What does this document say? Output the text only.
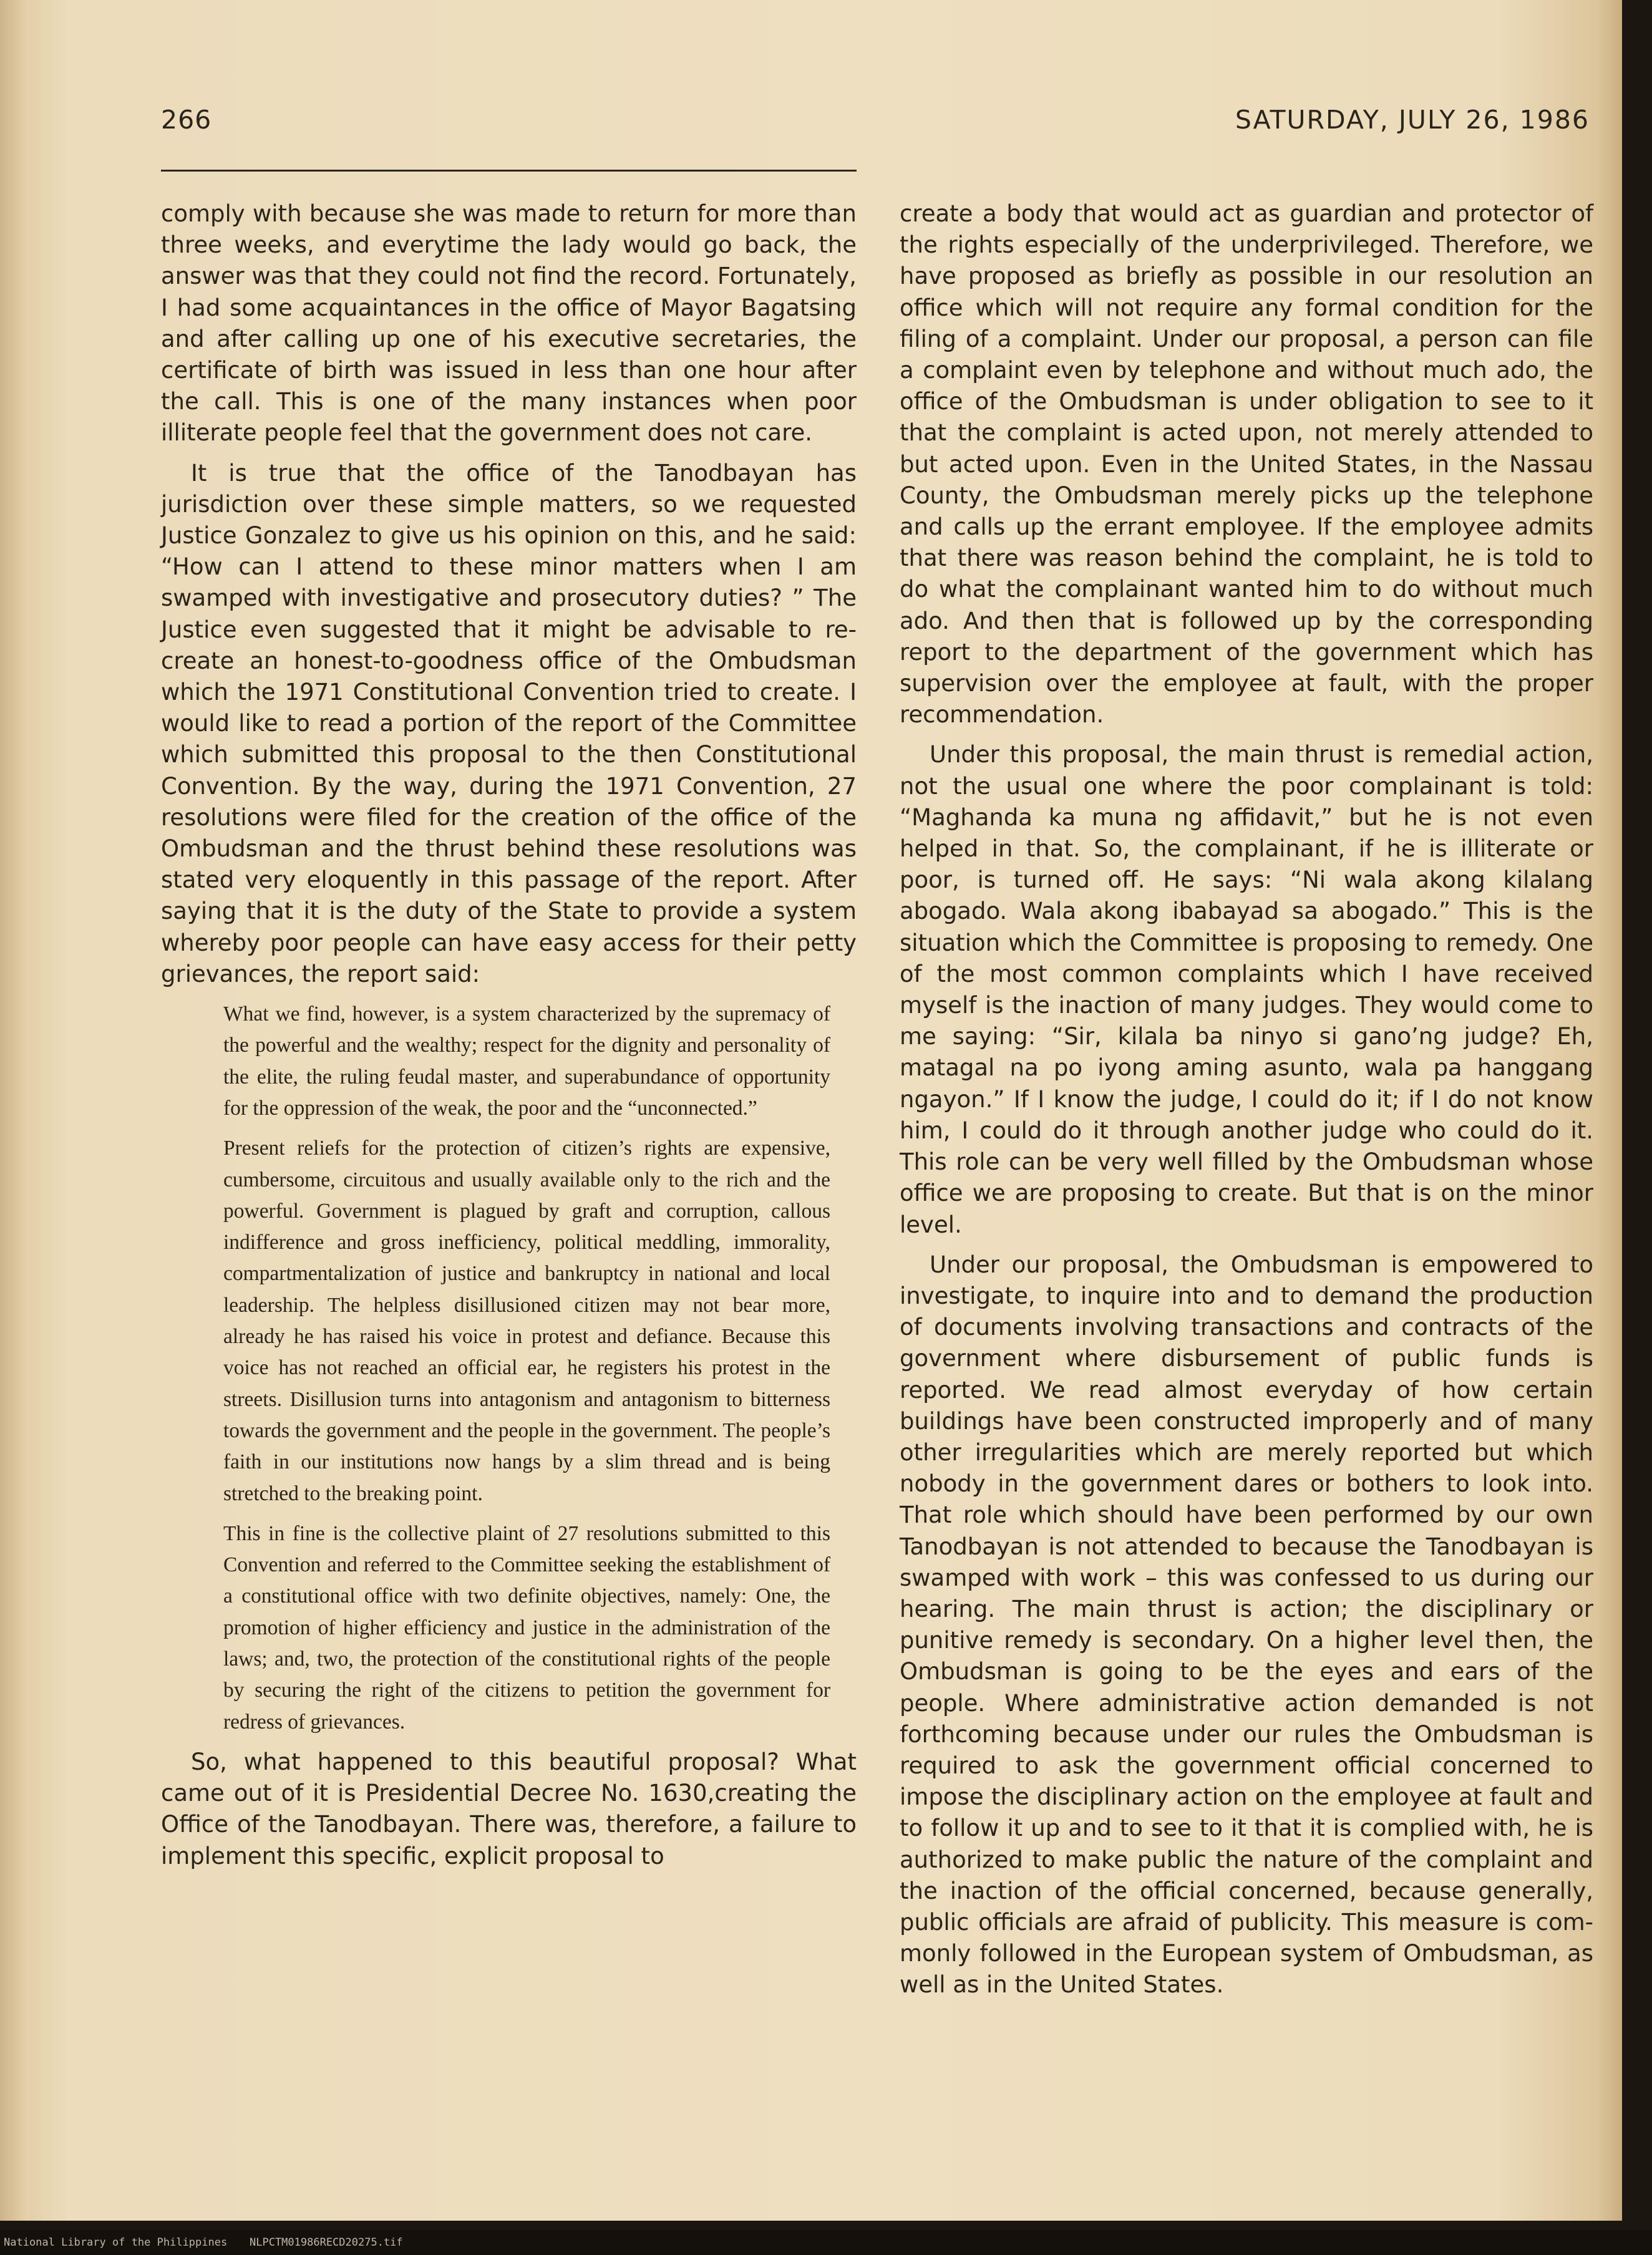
266	SATURDAY, JULY 26, 1986

comply with because she was made to return for more than three weeks, and everytime the lady would go back, the answer was that they could not find the record. Fortunately, I had some acquaintances in the office of Mayor Bagatsing and after calling up one of his executive secretaries, the certificate of birth was issued in less than one hour after the call. This is one of the many instances when poor illiterate people feel that the government does not care.

It is true that the office of the Tanodbayan has jurisdiction over these simple matters, so we requested Justice Gonzalez to give us his opinion on this, and he said: “How can I attend to these minor matters when I am swamped with investigative and prosecutory duties? ” The Justice even suggested that it might be advisable to re-create an honest-to-goodness office of the Ombudsman which the 1971 Constitutional Convention tried to create. I would like to read a portion of the report of the Committee which submitted this proposal to the then Constitutional Convention. By the way, during the 1971 Convention, 27 resolutions were filed for the creation of the office of the Ombudsman and the thrust behind these resolutions was stated very eloquently in this passage of the report. After saying that it is the duty of the State to provide a system whereby poor people can have easy access for their petty grievances, the report said:

What we find, however, is a system characterized by the supremacy of the powerful and the wealthy; respect for the dignity and personality of the elite, the ruling feudal master, and superabundance of opportunity for the oppression of the weak, the poor and the “unconnected.”

Present reliefs for the protection of citizen’s rights are expensive, cumbersome, circuitous and usually available only to the rich and the powerful. Government is plagued by graft and corruption, callous indifference and gross inefficiency, political meddling, immorality, compartmentalization of justice and bankruptcy in national and local leadership. The helpless disillusioned citizen may not bear more, already he has raised his voice in protest and defiance. Because this voice has not reached an official ear, he registers his protest in the streets. Disillusion turns into antagonism and antagonism to bitterness towards the government and the people in the government. The people’s faith in our institutions now hangs by a slim thread and is being stretched to the breaking point.

This in fine is the collective plaint of 27 resolutions submitted to this Convention and referred to the Committee seeking the establishment of a constitutional office with two definite objectives, namely: One, the promotion of higher efficiency and justice in the administration of the laws; and, two, the protection of the constitutional rights of the people by securing the right of the citizens to petition the government for redress of grievances.

So, what happened to this beautiful proposal? What came out of it is Presidential Decree No. 1630,creating the Office of the Tanodbayan. There was, therefore, a failure to implement this specific, explicit proposal to

create a body that would act as guardian and protector of the rights especially of the underprivileged. Therefore, we have proposed as briefly as possible in our resolution an office which will not require any formal condition for the filing of a complaint. Under our proposal, a person can file a complaint even by telephone and without much ado, the office of the Ombudsman is under obligation to see to it that the complaint is acted upon, not merely attended to but acted upon. Even in the United States, in the Nassau County, the Ombudsman merely picks up the telephone and calls up the errant employee. If the employee admits that there was reason behind the complaint, he is told to do what the complainant wanted him to do without much ado. And then that is followed up by the corresponding report to the department of the government which has supervision over the employee at fault, with the proper recommendation.

Under this proposal, the main thrust is remedial action, not the usual one where the poor complainant is told: “Maghanda ka muna ng affidavit,” but he is not even helped in that. So, the complainant, if he is illiterate or poor, is turned off. He says: “Ni wala akong kilalang abogado. Wala akong ibabayad sa abogado.” This is the situation which the Committee is proposing to remedy. One of the most common complaints which I have received myself is the inaction of many judges. They would come to me saying: “Sir, kilala ba ninyo si gano’ng judge? Eh, matagal na po iyong aming asunto, wala pa hanggang ngayon.” If I know the judge, I could do it; if I do not know him, I could do it through another judge who could do it. This role can be very well filled by the Ombudsman whose office we are proposing to create. But that is on the minor level.

Under our proposal, the Ombudsman is empowered to investigate, to inquire into and to demand the production of documents involving transactions and contracts of the government where disbursement of public funds is reported. We read almost everyday of how certain buildings have been constructed improperly and of many other irregularities which are merely reported but which nobody in the government dares or bothers to look into. That role which should have been performed by our own Tanodbayan is not attended to because the Tanodbayan is swamped with work – this was confessed to us during our hearing. The main thrust is action; the disciplinary or punitive remedy is secondary. On a higher level then, the Ombudsman is going to be the eyes and ears of the people. Where administrative action demanded is not forthcoming because under our rules the Ombudsman is required to ask the government official concerned to impose the disciplinary action on the employee at fault and to follow it up and to see to it that it is complied with, he is authorized to make public the nature of the complaint and the inaction of the official concerned, because generally, public officials are afraid of publicity. This measure is commonly followed in the European system of Ombudsman, as well as in the United States.

National Library of the Philippines NLPCTM01986RECD20275.tif
